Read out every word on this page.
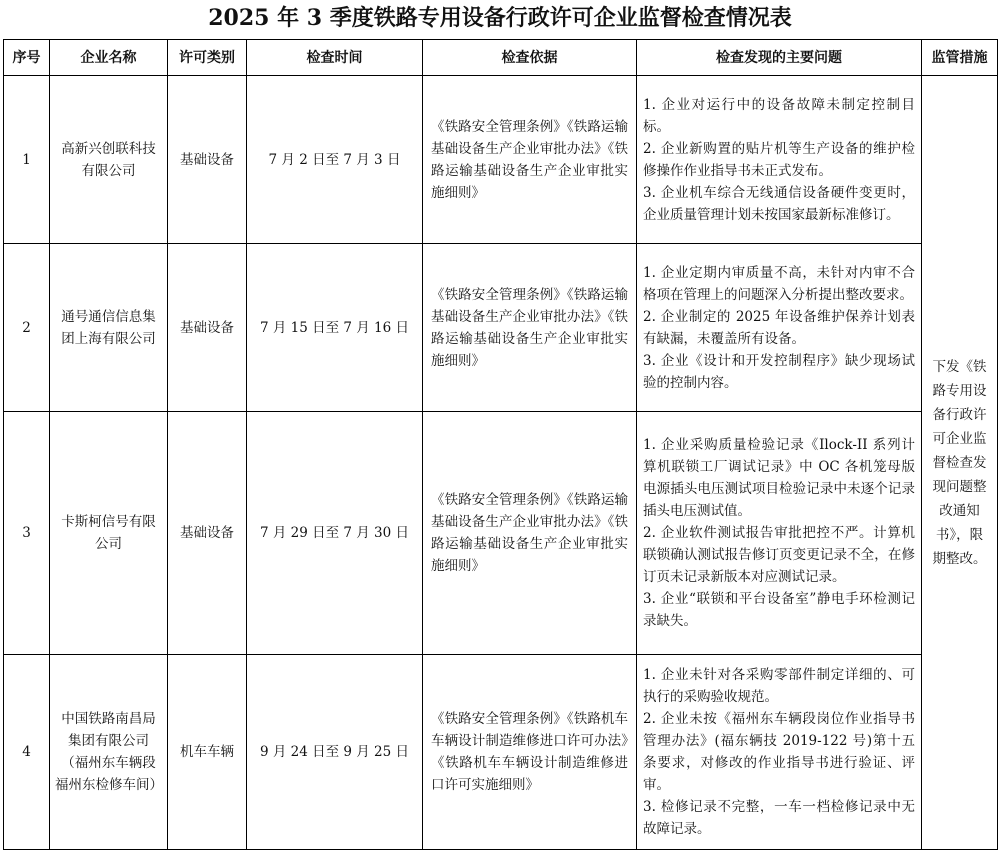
2025 年 3 季度铁路专用设备行政许可企业监督检查情况表
序号	企业名称	许可类别	检查时间	检查依据	检查发现的主要问题	监管措施
1	高新兴创联科技有限公司	基础设备	7 月 2 日至 7 月 3 日	《铁路安全管理条例》《铁路运输基础设备生产企业审批办法》《铁路运输基础设备生产企业审批实施细则》	1. 企业对运行中的设备故障未制定控制目标。
2. 企业新购置的贴片机等生产设备的维护检修操作作业指导书未正式发布。
3. 企业机车综合无线通信设备硬件变更时，企业质量管理计划未按国家最新标准修订。	下发《铁路专用设备行政许可企业监督检查发现问题整改通知书》，限期整改。
2	通号通信信息集团上海有限公司	基础设备	7 月 15 日至 7 月 16 日	《铁路安全管理条例》《铁路运输基础设备生产企业审批办法》《铁路运输基础设备生产企业审批实施细则》	1. 企业定期内审质量不高，未针对内审不合格项在管理上的问题深入分析提出整改要求。
2. 企业制定的 2025 年设备维护保养计划表有缺漏，未覆盖所有设备。
3. 企业《设计和开发控制程序》缺少现场试验的控制内容。	

3	卡斯柯信号有限公司	基础设备	7 月 29 日至 7 月 30 日	《铁路安全管理条例》《铁路运输基础设备生产企业审批办法》《铁路运输基础设备生产企业审批实施细则》	1. 企业采购质量检验记录《Ilock-II 系列计算机联锁工厂调试记录》中 OC 各机笼母版电源插头电压测试项目检验记录中未逐个记录插头电压测试值。
2. 企业软件测试报告审批把控不严。计算机联锁确认测试报告修订页变更记录不全，在修订页未记录新版本对应测试记录。
3. 企业“联锁和平台设备室”静电手环检测记录缺失。	

4	中国铁路南昌局集团有限公司（福州东车辆段福州东检修车间）	机车车辆	9 月 24 日至 9 月 25 日	《铁路安全管理条例》《铁路机车车辆设计制造维修进口许可办法》《铁路机车车辆设计制造维修进口许可实施细则》	1. 企业未针对各采购零部件制定详细的、可执行的采购验收规范。
2. 企业未按《福州东车辆段岗位作业指导书管理办法》(福东辆技 2019-122 号)第十五条要求，对修改的作业指导书进行验证、评审。
3. 检修记录不完整，一车一档检修记录中无故障记录。	
